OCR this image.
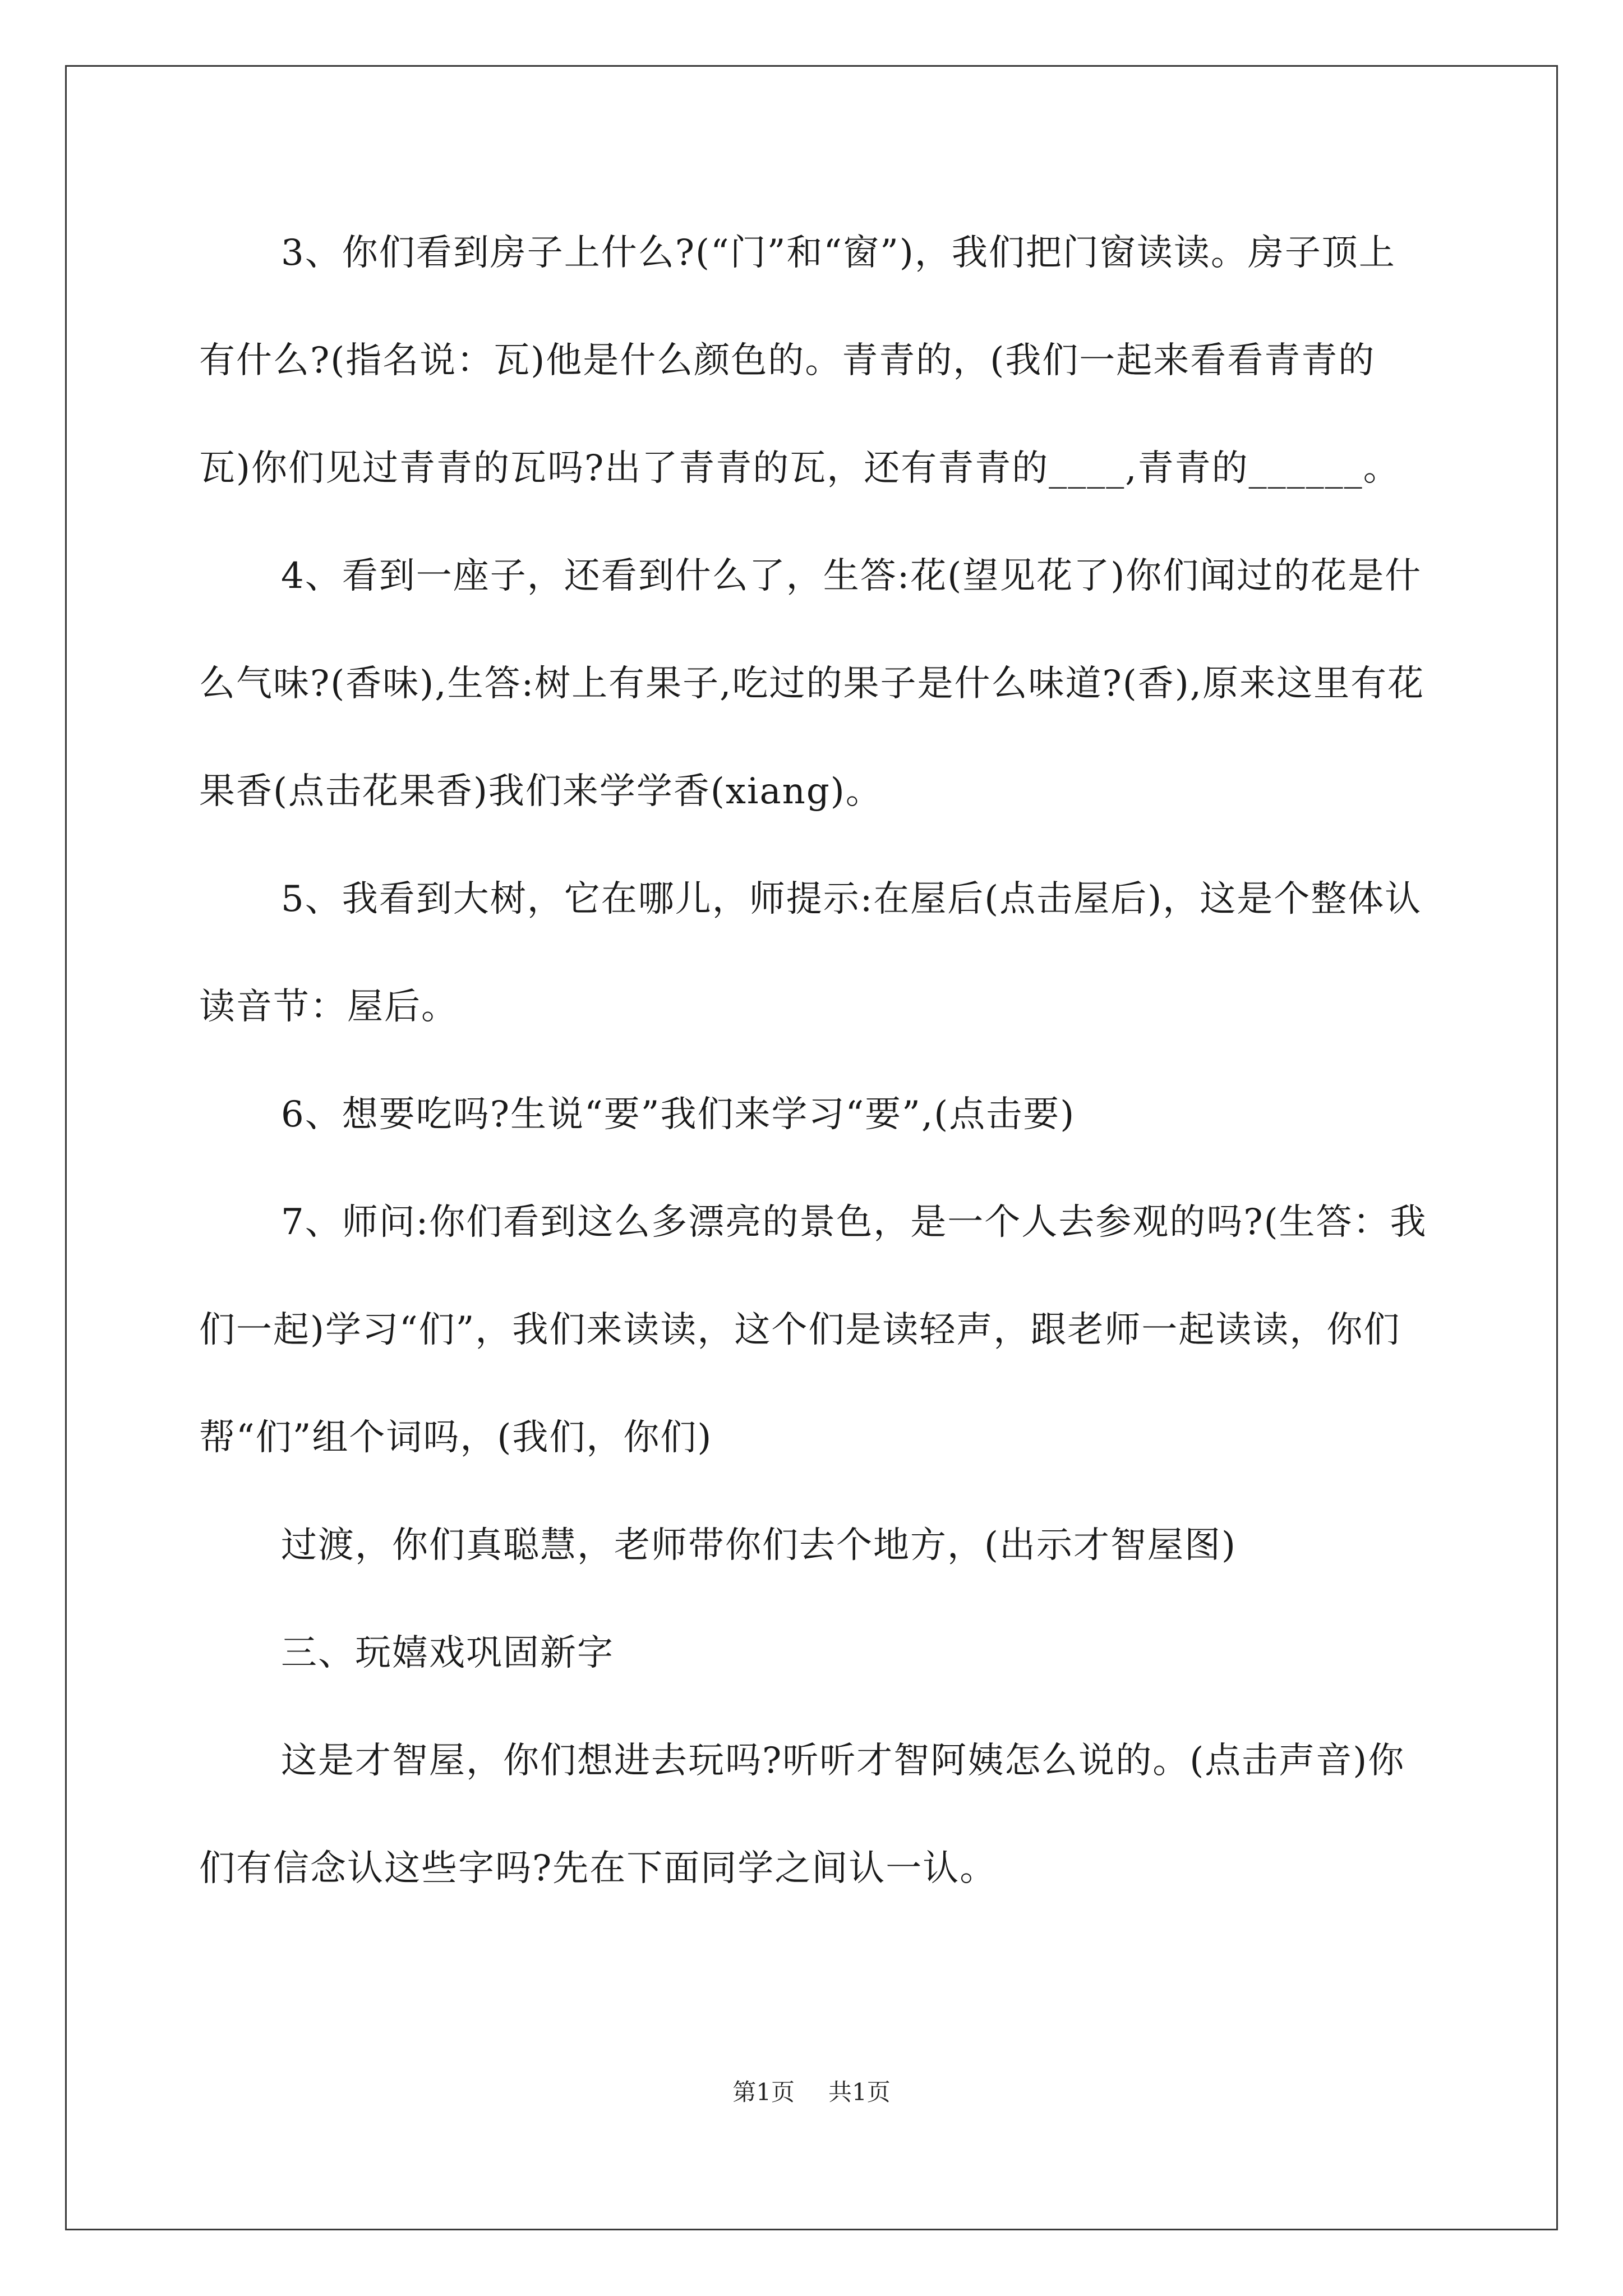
3、你们看到房子上什么?(“门”和“窗”)，我们把门窗读读。房子顶上有什么?(指名说：瓦)他是什么颜色的。青青的，(我们一起来看看青青的瓦)你们见过青青的瓦吗?出了青青的瓦，还有青青的____,青青的______。

4、看到一座子，还看到什么了，生答:花(望见花了)你们闻过的花是什么气味?(香味),生答:树上有果子,吃过的果子是什么味道?(香),原来这里有花果香(点击花果香)我们来学学香(xiang)。

5、我看到大树，它在哪儿，师提示:在屋后(点击屋后)，这是个整体认读音节：屋后。

6、想要吃吗?生说“要”我们来学习“要”,(点击要)

7、师问:你们看到这么多漂亮的景色，是一个人去参观的吗?(生答：我们一起)学习“们”，我们来读读，这个们是读轻声，跟老师一起读读，你们帮“们”组个词吗，(我们，你们)

过渡，你们真聪慧，老师带你们去个地方，(出示才智屋图)

三、玩嬉戏巩固新字

这是才智屋，你们想进去玩吗?听听才智阿姨怎么说的。(点击声音)你们有信念认这些字吗?先在下面同学之间认一认。

第1页 共1页
